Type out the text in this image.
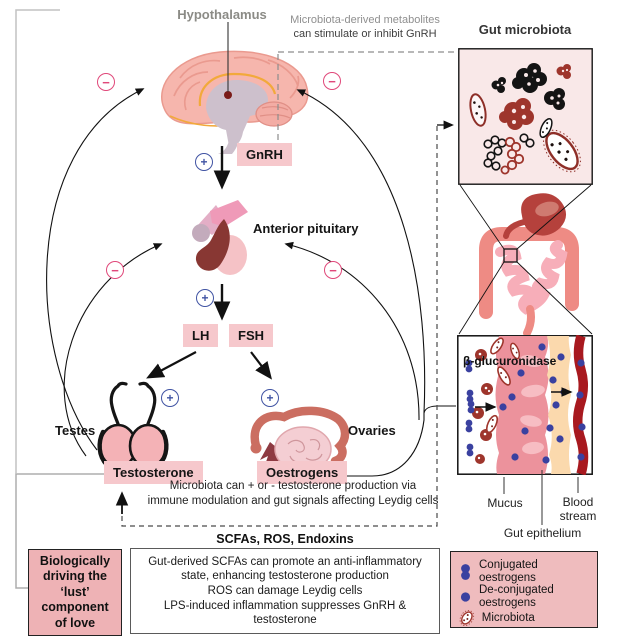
Hypothalamus	Microbiota-derived metabolites
can stimulate or inhibit GnRH	Gut microbiota
GnRH
Anterior pituitary
LH	FSH
Testes	Ovaries
Testosterone	Oestrogens
−	−
−	−
+
+
+	+
Microbiota can + or - testosterone production via
immune modulation and gut signals affecting Leydig cells
β-glucuronidase
Mucus	Blood
stream
Gut epithelium
SCFAs, ROS, Endoxins
Biologically
driving the
‘lust’
component
of love

Gut-derived SCFAs can promote an anti-inflammatory state, enhancing testosterone production

ROS can damage Leydig cells

LPS-induced inflammation suppresses GnRH & testosterone

Conjugated oestrogens
De-conjugated oestrogens
Microbiota
